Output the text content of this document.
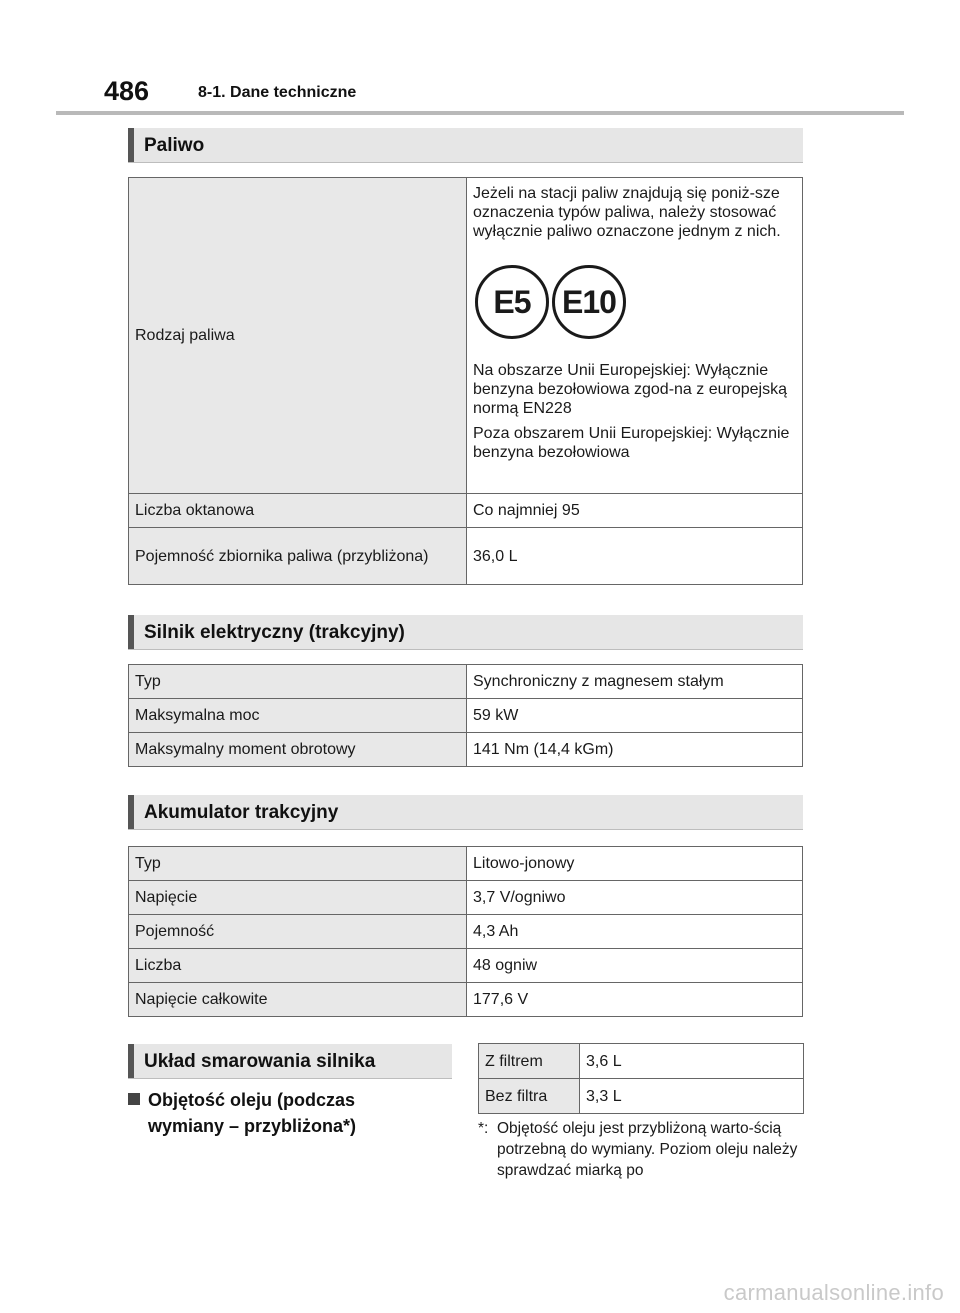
486	8-1. Dane techniczne
Paliwo
Rodzaj paliwa	Jeżeli na stacji paliw znajdują się poniż-sze oznaczenia typów paliwa, należy stosować wyłącznie paliwo oznaczone jednym z nich.

E5 E10

Na obszarze Unii Europejskiej: Wyłącznie benzyna bezołowiowa zgod-na z europejską normą EN228

Poza obszarem Unii Europejskiej: Wyłącznie benzyna bezołowiowa

Liczba oktanowa	Co najmniej 95
Pojemność zbiornika paliwa (przybliżona)	36,0 L
Silnik elektryczny (trakcyjny)
Typ	Synchroniczny z magnesem stałym
Maksymalna moc	59 kW
Maksymalny moment obrotowy	141 Nm (14,4 kGm)
Akumulator trakcyjny
Typ	Litowo-jonowy
Napięcie	3,7 V/ogniwo
Pojemność	4,3 Ah
Liczba	48 ogniw
Napięcie całkowite	177,6 V
Układ smarowania silnika
Objętość oleju (podczas
wymiany – przybliżona*)
Z filtrem	3,6 L
Bez filtra	3,3 L
*: Objętość oleju jest przybliżoną warto-ścią potrzebną do wymiany. Poziom oleju należy sprawdzać miarką po
carmanualsonline.info
